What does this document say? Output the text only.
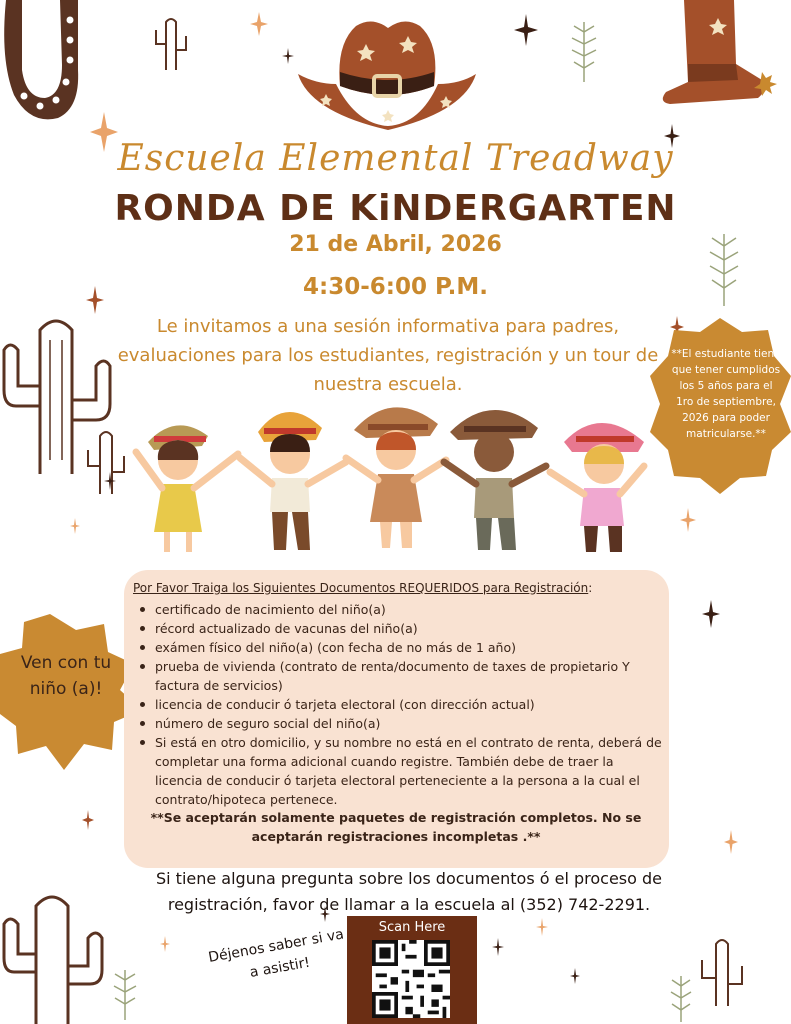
Escuela Elemental Treadway
RONDA DE KiNDERGARTEN
21 de Abril, 2026
4:30-6:00 P.M.
Le invitamos a una sesión informativa para padres, evaluaciones para los estudiantes, registración y un tour de nuestra escuela.
**El estudiante tiene que tener cumplidos los 5 años para el 1ro de septiembre, 2026 para poder matricularse.**
Ven con tu niño (a)!
Por Favor Traiga los Siguientes Documentos REQUERIDOS para Registración:
certificado de nacimiento del niño(a)
récord actualizado de vacunas del niño(a)
exámen físico del niño(a) (con fecha de no más de 1 año)
prueba de vivienda (contrato de renta/documento de taxes de propietario Y factura de servicios)
licencia de conducir ó tarjeta electoral (con dirección actual)
número de seguro social del niño(a)
Si está en otro domicilio, y su nombre no está en el contrato de renta, deberá de completar una forma adicional cuando registre. También debe de traer la licencia de conducir ó tarjeta electoral perteneciente a la persona a la cual el contrato/hipoteca pertenece.
**Se aceptarán solamente paquetes de registración completos. No se aceptarán registraciones incompletas .**
Si tiene alguna pregunta sobre los documentos ó el proceso de registración, favor de llamar a la escuela al (352) 742-2291.
Déjenos saber si va a asistir!
Scan Here
